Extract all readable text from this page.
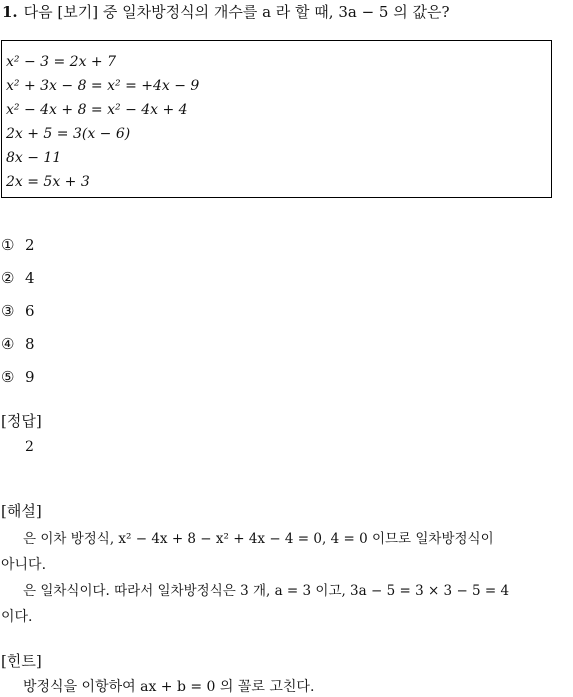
1. 다음 [보기] 중 일차방정식의 개수를 a 라 할 때, 3a − 5 의 값은?
x² − 3 = 2x + 7
x² + 3x − 8 = x² = +4x − 9
x² − 4x + 8 = x² − 4x + 4
2x + 5 = 3(x − 6)
8x − 11
2x = 5x + 3
① 2
② 4
③ 6
④ 8
⑤ 9
[정답]
2
[해설]
은 이차 방정식, x² − 4x + 8 − x² + 4x − 4 = 0, 4 = 0 이므로 일차방정식이
아니다.
은 일차식이다. 따라서 일차방정식은 3 개, a = 3 이고, 3a − 5 = 3 × 3 − 5 = 4
이다.
[힌트]
방정식을 이항하여 ax + b = 0 의 꼴로 고친다.
